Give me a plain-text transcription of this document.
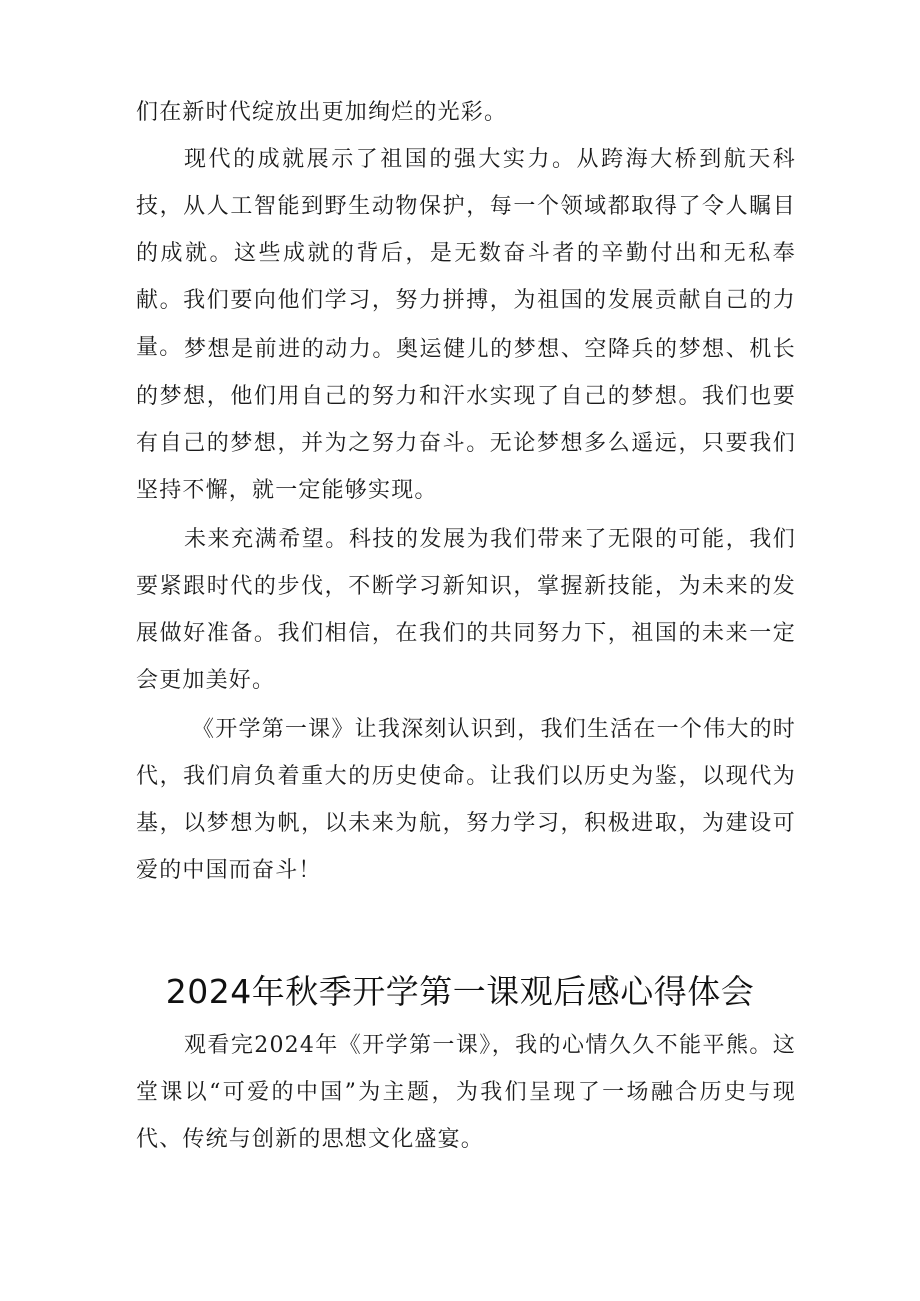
们在新时代绽放出更加绚烂的光彩。

现代的成就展示了祖国的强大实力。从跨海大桥到航天科技，从人工智能到野生动物保护，每一个领域都取得了令人瞩目的成就。这些成就的背后，是无数奋斗者的辛勤付出和无私奉献。我们要向他们学习，努力拼搏，为祖国的发展贡献自己的力量。 梦想是前进的动力。奥运健儿的梦想、空降兵的梦想、机长的梦想，他们用自己的努力和汗水实现了自己的梦想。我们也要有自己的梦想，并为之努力奋斗。无论梦想多么遥远，只要我们坚持不懈，就一定能够实现。

未来充满希望。科技的发展为我们带来了无限的可能，我们要紧跟时代的步伐，不断学习新知识，掌握新技能，为未来的发展做好准备。我们相信，在我们的共同努力下，祖国的未来一定会更加美好。

《开学第一课》让我深刻认识到，我们生活在一个伟大的时代，我们肩负着重大的历史使命。让我们以历史为鉴，以现代为基，以梦想为帆，以未来为航，努力学习，积极进取，为建设可爱的中国而奋斗！

2024年秋季开学第一课观后感心得体会

观看完2024年《开学第一课》，我的心情久久不能平熊。这堂课以“可爱的中国”为主题，为我们呈现了一场融合历史与现代、传统与创新的思想文化盛宴。
